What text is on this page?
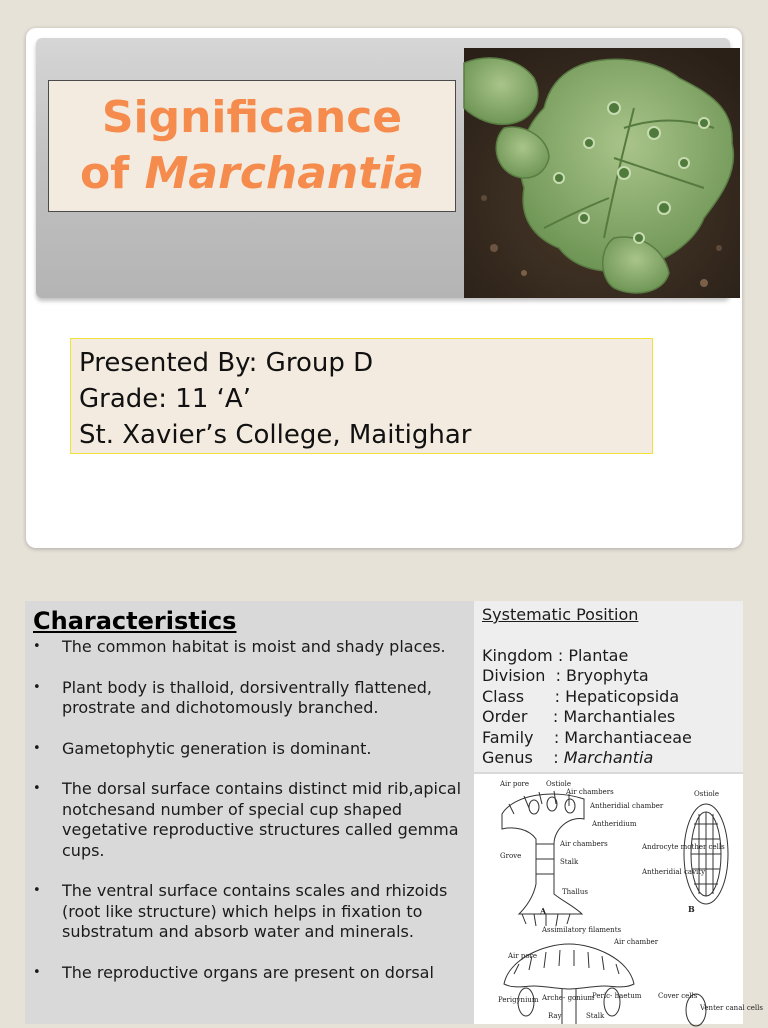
Significance
of Marchantia
Presented By: Group D
Grade: 11 ‘A’
St. Xavier’s College, Maitighar
Characteristics
• The common habitat is moist and shady places.
• Plant body is thalloid, dorsiventrally flattened, prostrate and dichotomously branched.
• Gametophytic generation is dominant.
• The dorsal surface contains distinct mid rib,apical notchesand number of special cup shaped vegetative reproductive structures called gemma cups.
• The ventral surface contains scales and rhizoids (root like structure) which helps in fixation to substratum and absorb water and minerals.
• The reproductive organs are present on dorsal
Systematic Position
Kingdom : Plantae
Division  : Bryophyta
Class      : Hepaticopsida
Order     : Marchantiales
Family    : Marchantiaceae
Genus    : Marchantia
Air pore Ostiole
Air chambers
Antheridial chamber
Antheridium
Air chambers
Grove
Stalk
Thallus
A
Ostiole
Androcyte mother cells
Antheridial cavity
B
Assimilatory filaments
Air chamber
Air pore
Perigynium Arche- gonium
Peric- haetum
Ray	Stalk
Cover cells
Venter canal cells
